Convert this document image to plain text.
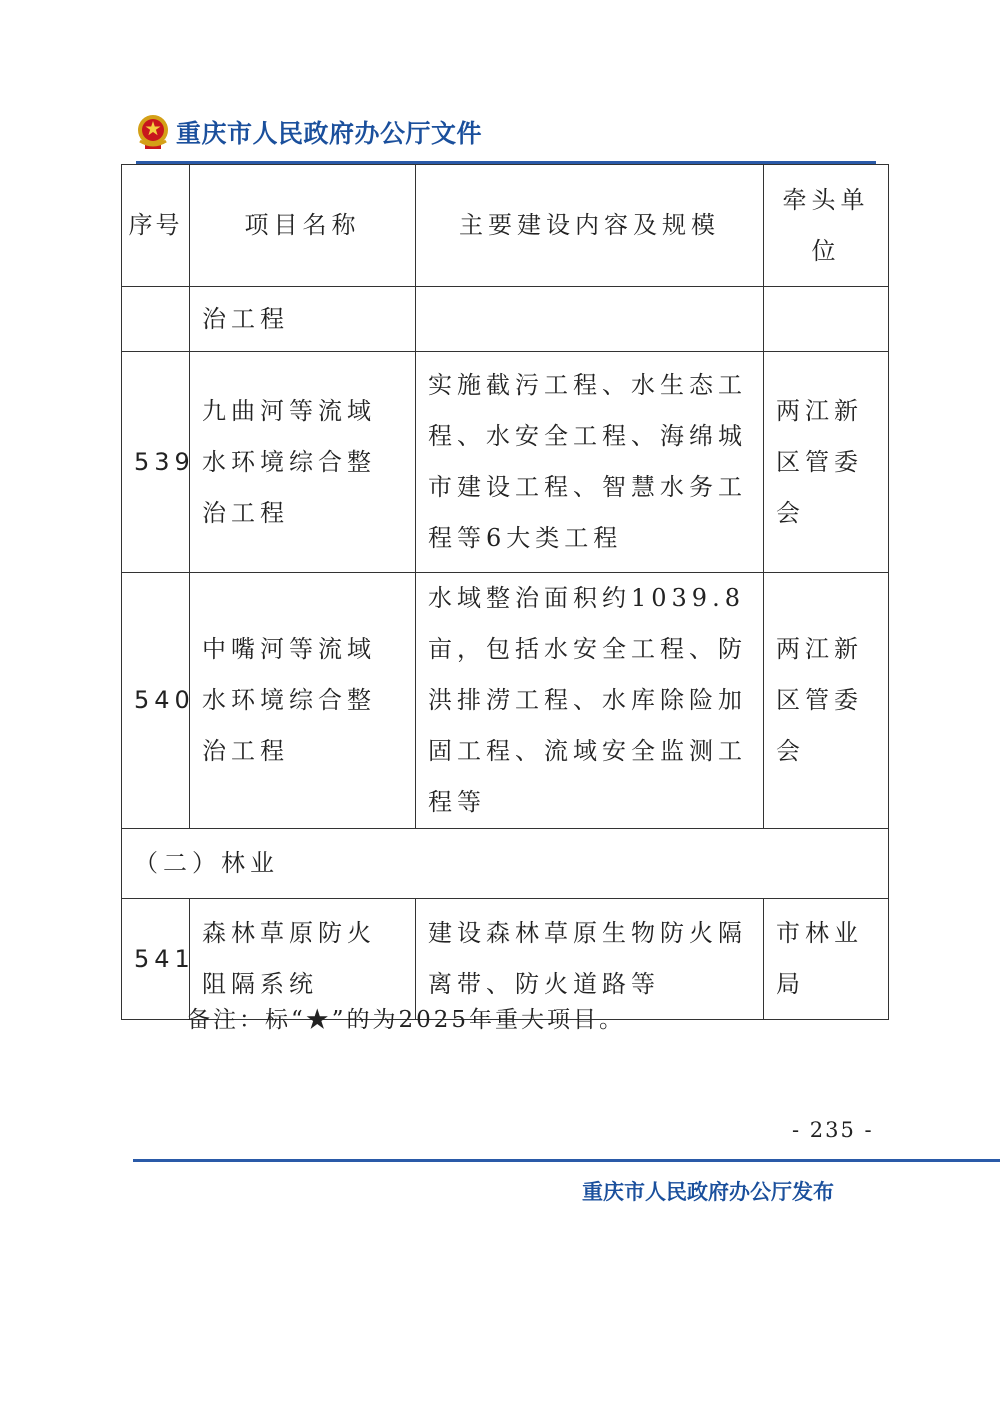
重庆市人民政府办公厅文件
序号	项目名称	主要建设内容及规模	牵头单位
	治工程		
539	九曲河等流域水环境综合整治工程	实施截污工程、水生态工程、水安全工程、海绵城市建设工程、智慧水务工程等6大类工程	两江新区管委会
540	中嘴河等流域水环境综合整治工程	水域整治面积约1039.8亩，包括水安全工程、防洪排涝工程、水库除险加固工程、流域安全监测工程等	两江新区管委会
（二）林业			
541	森林草原防火阻隔系统	建设森林草原生物防火隔离带、防火道路等	市林业局
备注：标“★”的为2025年重大项目。
- 235 -
重庆市人民政府办公厅发布
